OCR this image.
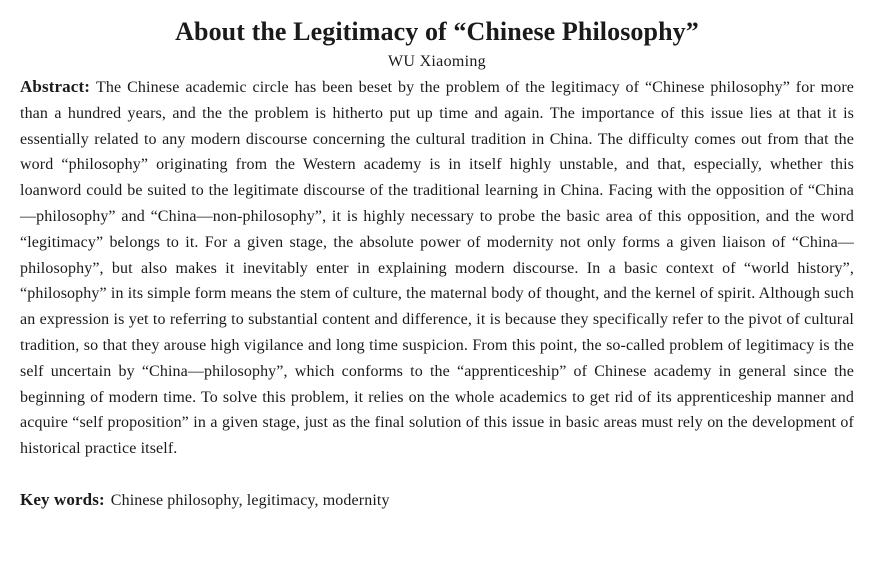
About the Legitimacy of “Chinese Philosophy”

WU Xiaoming

Abstract: The Chinese academic circle has been beset by the problem of the legitimacy of “Chinese philosophy” for more than a hundred years, and the the problem is hitherto put up time and again. The importance of this issue lies at that it is essentially related to any modern discourse concerning the cultural tradition in China. The difficulty comes out from that the word “philosophy” originating from the Western academy is in itself highly unstable, and that, especially, whether this loanword could be suited to the legitimate discourse of the traditional learning in China. Facing with the opposition of “China—philosophy” and “China—non-philosophy”, it is highly necessary to probe the basic area of this opposition, and the word “legitimacy” belongs to it. For a given stage, the absolute power of modernity not only forms a given liaison of “China—philosophy”, but also makes it inevitably enter in explaining modern discourse. In a basic context of “world history”, “philosophy” in its simple form means the stem of culture, the maternal body of thought, and the kernel of spirit. Although such an expression is yet to referring to substantial content and difference, it is because they specifically refer to the pivot of cultural tradition, so that they arouse high vigilance and long time suspicion. From this point, the so-called problem of legitimacy is the self uncertain by “China—philosophy”, which conforms to the “apprenticeship” of Chinese academy in general since the beginning of modern time. To solve this problem, it relies on the whole academics to get rid of its apprenticeship manner and acquire “self proposition” in a given stage, just as the final solution of this issue in basic areas must rely on the development of historical practice itself.

Key words: Chinese philosophy, legitimacy, modernity
